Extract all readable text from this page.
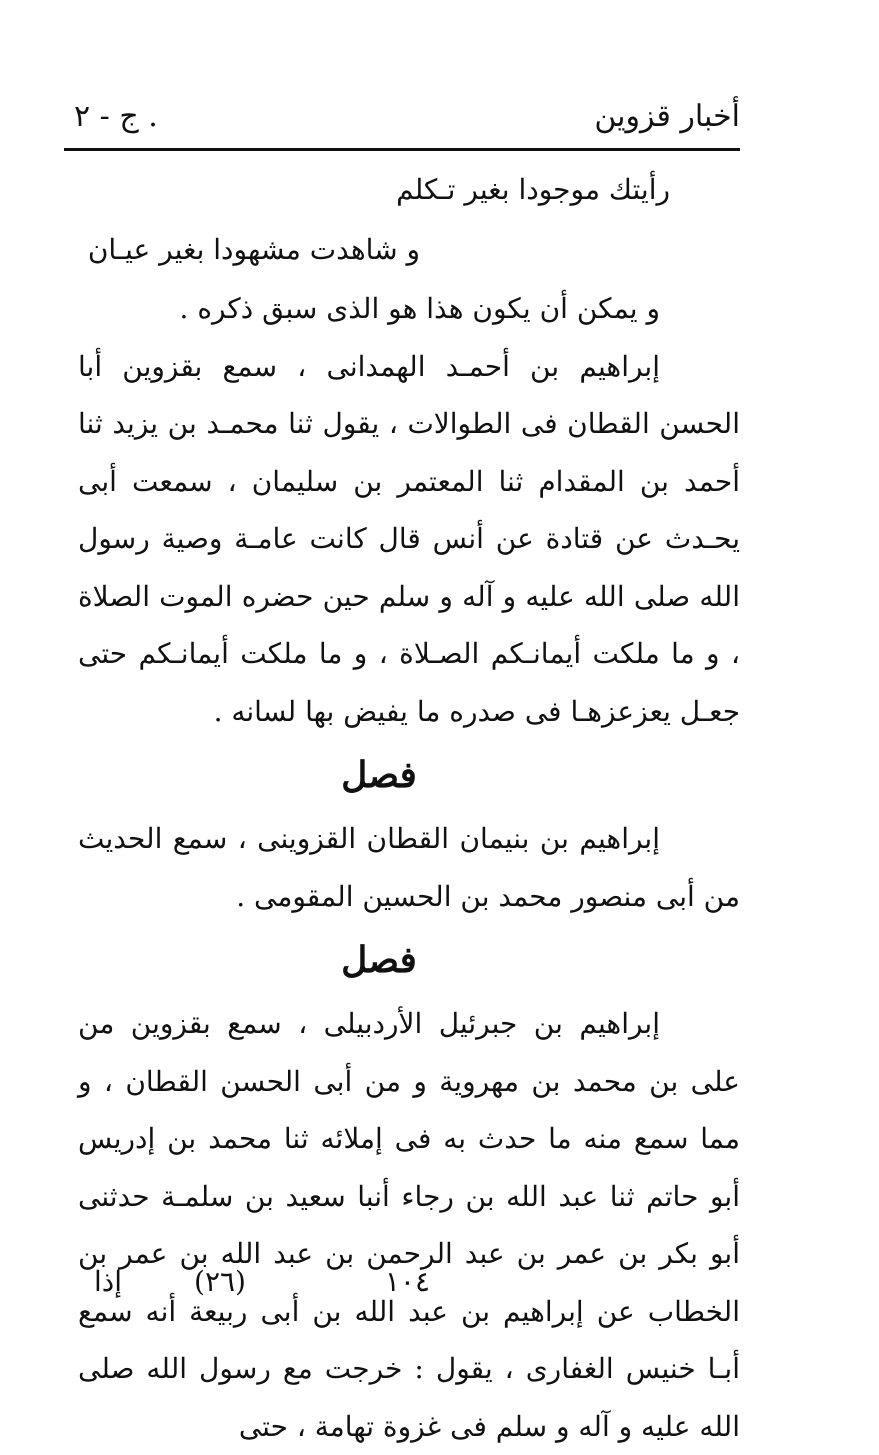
أخبار قزوين
. ج - ٢
رأيتك موجودا بغير تـكلم
و شاهدت مشهودا بغير عيـان

و يمكن أن يكون هذا هو الذى سبق ذكره .

إبراهيم بن أحمـد الهمدانى ، سمع بقزوين أبا الحسن القطان فى الطوالات ، يقول ثنا محمـد بن يزيد ثنا أحمد بن المقدام ثنا المعتمر بن سليمان ، سمعت أبى يحـدث عن قتادة عن أنس قال كانت عامـة وصية رسول الله صلى الله عليه و آله و سلم حين حضره الموت الصلاة ، و ما ملكت أيمانـكم الصـلاة ، و ما ملكت أيمانـكم حتى جعـل يعزعزهـا فى صدره ما يفيض بها لسانه .

فصل

إبراهيم بن بنيمان القطان القزوينى ، سمع الحديث من أبى منصور محمد بن الحسين المقومى .

فصل

إبراهيم بن جبرئيل الأردبيلى ، سمع بقزوين من على بن محمد بن مهروية و من أبى الحسن القطان ، و مما سمع منه ما حدث به فى إملائه ثنا محمد بن إدريس أبو حاتم ثنا عبد الله بن رجاء أنبا سعيد بن سلمـة حدثنى أبو بكر بن عمر بن عبد الرحمن بن عبد الله بن عمر بن الخطاب عن إبراهيم بن عبد الله بن أبى ربيعة أنه سمع أبـا خنيس الغفارى ، يقول : خرجت مع رسول الله صلى الله عليه و آله و سلم فى غزوة تهامة ، حتى

١٠٤
(٢٦)
إذا
